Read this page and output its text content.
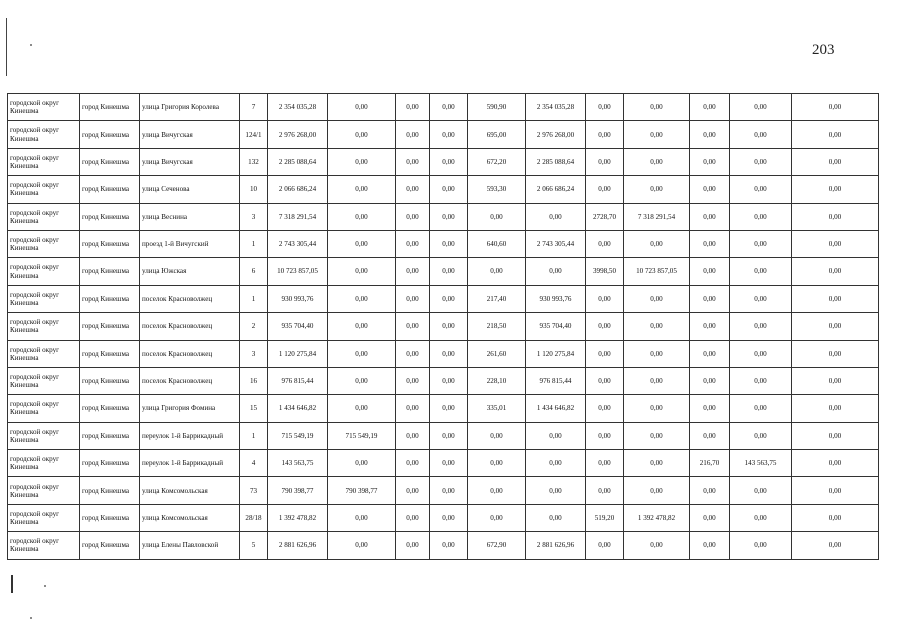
203
городской округ Кинешма	город Кинешма	улица Григория Королева	7	2 354 035,28	0,00	0,00	0,00	590,90	2 354 035,28	0,00	0,00	0,00	0,00	0,00
городской округ Кинешма	город Кинешма	улица Вичугская	124/1	2 976 268,00	0,00	0,00	0,00	695,00	2 976 268,00	0,00	0,00	0,00	0,00	0,00
городской округ Кинешма	город Кинешма	улица Вичугская	132	2 285 088,64	0,00	0,00	0,00	672,20	2 285 088,64	0,00	0,00	0,00	0,00	0,00
городской округ Кинешма	город Кинешма	улица Сеченова	10	2 066 686,24	0,00	0,00	0,00	593,30	2 066 686,24	0,00	0,00	0,00	0,00	0,00
городской округ Кинешма	город Кинешма	улица Веснина	3	7 318 291,54	0,00	0,00	0,00	0,00	0,00	2728,70	7 318 291,54	0,00	0,00	0,00
городской округ Кинешма	город Кинешма	проезд 1-й Вичугский	1	2 743 305,44	0,00	0,00	0,00	640,60	2 743 305,44	0,00	0,00	0,00	0,00	0,00
городской округ Кинешма	город Кинешма	улица Южская	6	10 723 857,05	0,00	0,00	0,00	0,00	0,00	3998,50	10 723 857,05	0,00	0,00	0,00
городской округ Кинешма	город Кинешма	поселок Красноволжец	1	930 993,76	0,00	0,00	0,00	217,40	930 993,76	0,00	0,00	0,00	0,00	0,00
городской округ Кинешма	город Кинешма	поселок Красноволжец	2	935 704,40	0,00	0,00	0,00	218,50	935 704,40	0,00	0,00	0,00	0,00	0,00
городской округ Кинешма	город Кинешма	поселок Красноволжец	3	1 120 275,84	0,00	0,00	0,00	261,60	1 120 275,84	0,00	0,00	0,00	0,00	0,00
городской округ Кинешма	город Кинешма	поселок Красноволжец	16	976 815,44	0,00	0,00	0,00	228,10	976 815,44	0,00	0,00	0,00	0,00	0,00
городской округ Кинешма	город Кинешма	улица Григория Фомина	15	1 434 646,82	0,00	0,00	0,00	335,01	1 434 646,82	0,00	0,00	0,00	0,00	0,00
городской округ Кинешма	город Кинешма	переулок 1-й Баррикадный	1	715 549,19	715 549,19	0,00	0,00	0,00	0,00	0,00	0,00	0,00	0,00	0,00
городской округ Кинешма	город Кинешма	переулок 1-й Баррикадный	4	143 563,75	0,00	0,00	0,00	0,00	0,00	0,00	0,00	216,70	143 563,75	0,00
городской округ Кинешма	город Кинешма	улица Комсомольская	73	790 398,77	790 398,77	0,00	0,00	0,00	0,00	0,00	0,00	0,00	0,00	0,00
городской округ Кинешма	город Кинешма	улица Комсомольская	28/18	1 392 478,82	0,00	0,00	0,00	0,00	0,00	519,20	1 392 478,82	0,00	0,00	0,00
городской округ Кинешма	город Кинешма	улица Елены Павловской	5	2 881 626,96	0,00	0,00	0,00	672,90	2 881 626,96	0,00	0,00	0,00	0,00	0,00
